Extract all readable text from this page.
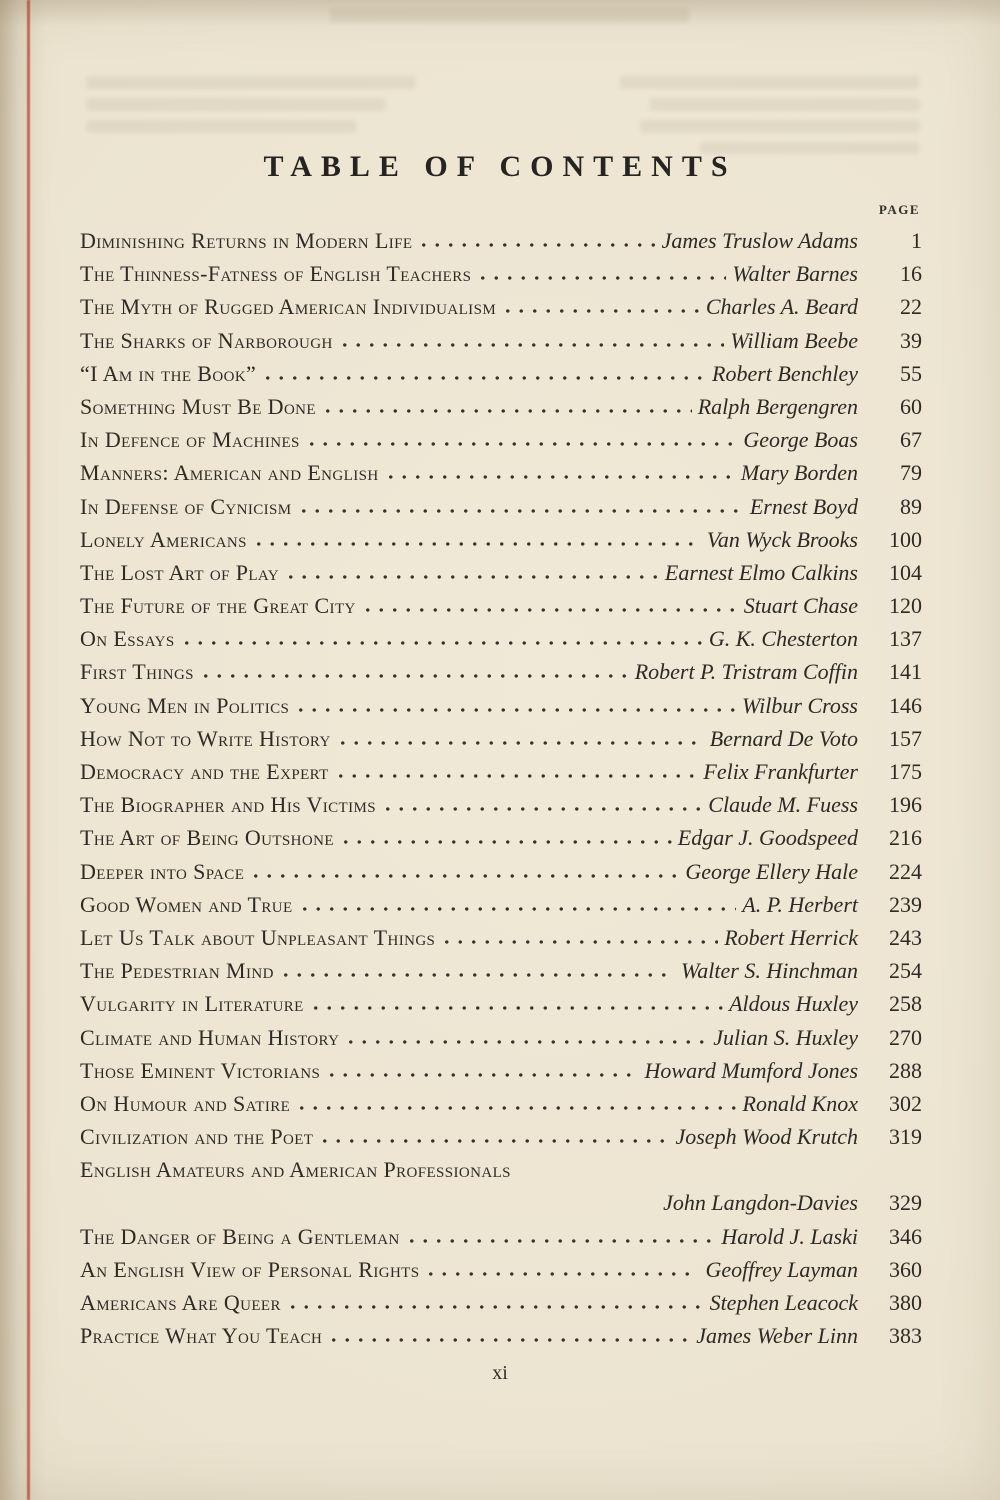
TABLE OF CONTENTS
PAGE
Diminishing Returns in Modern Life	James Truslow Adams	1
The Thinness-Fatness of English Teachers	Walter Barnes	16
The Myth of Rugged American Individualism	Charles A. Beard	22
The Sharks of Narborough	William Beebe	39
“I Am in the Book”	Robert Benchley	55
Something Must Be Done	Ralph Bergengren	60
In Defence of Machines	George Boas	67
Manners: American and English	Mary Borden	79
In Defense of Cynicism	Ernest Boyd	89
Lonely Americans	Van Wyck Brooks	100
The Lost Art of Play	Earnest Elmo Calkins	104
The Future of the Great City	Stuart Chase	120
On Essays	G. K. Chesterton	137
First Things	Robert P. Tristram Coffin	141
Young Men in Politics	Wilbur Cross	146
How Not to Write History	Bernard De Voto	157
Democracy and the Expert	Felix Frankfurter	175
The Biographer and His Victims	Claude M. Fuess	196
The Art of Being Outshone	Edgar J. Goodspeed	216
Deeper into Space	George Ellery Hale	224
Good Women and True	A. P. Herbert	239
Let Us Talk about Unpleasant Things	Robert Herrick	243
The Pedestrian Mind	Walter S. Hinchman	254
Vulgarity in Literature	Aldous Huxley	258
Climate and Human History	Julian S. Huxley	270
Those Eminent Victorians	Howard Mumford Jones	288
On Humour and Satire	Ronald Knox	302
Civilization and the Poet	Joseph Wood Krutch	319
English Amateurs and American Professionals
John Langdon-Davies	329
The Danger of Being a Gentleman	Harold J. Laski	346
An English View of Personal Rights	Geoffrey Layman	360
Americans Are Queer	Stephen Leacock	380
Practice What You Teach	James Weber Linn	383
xi
